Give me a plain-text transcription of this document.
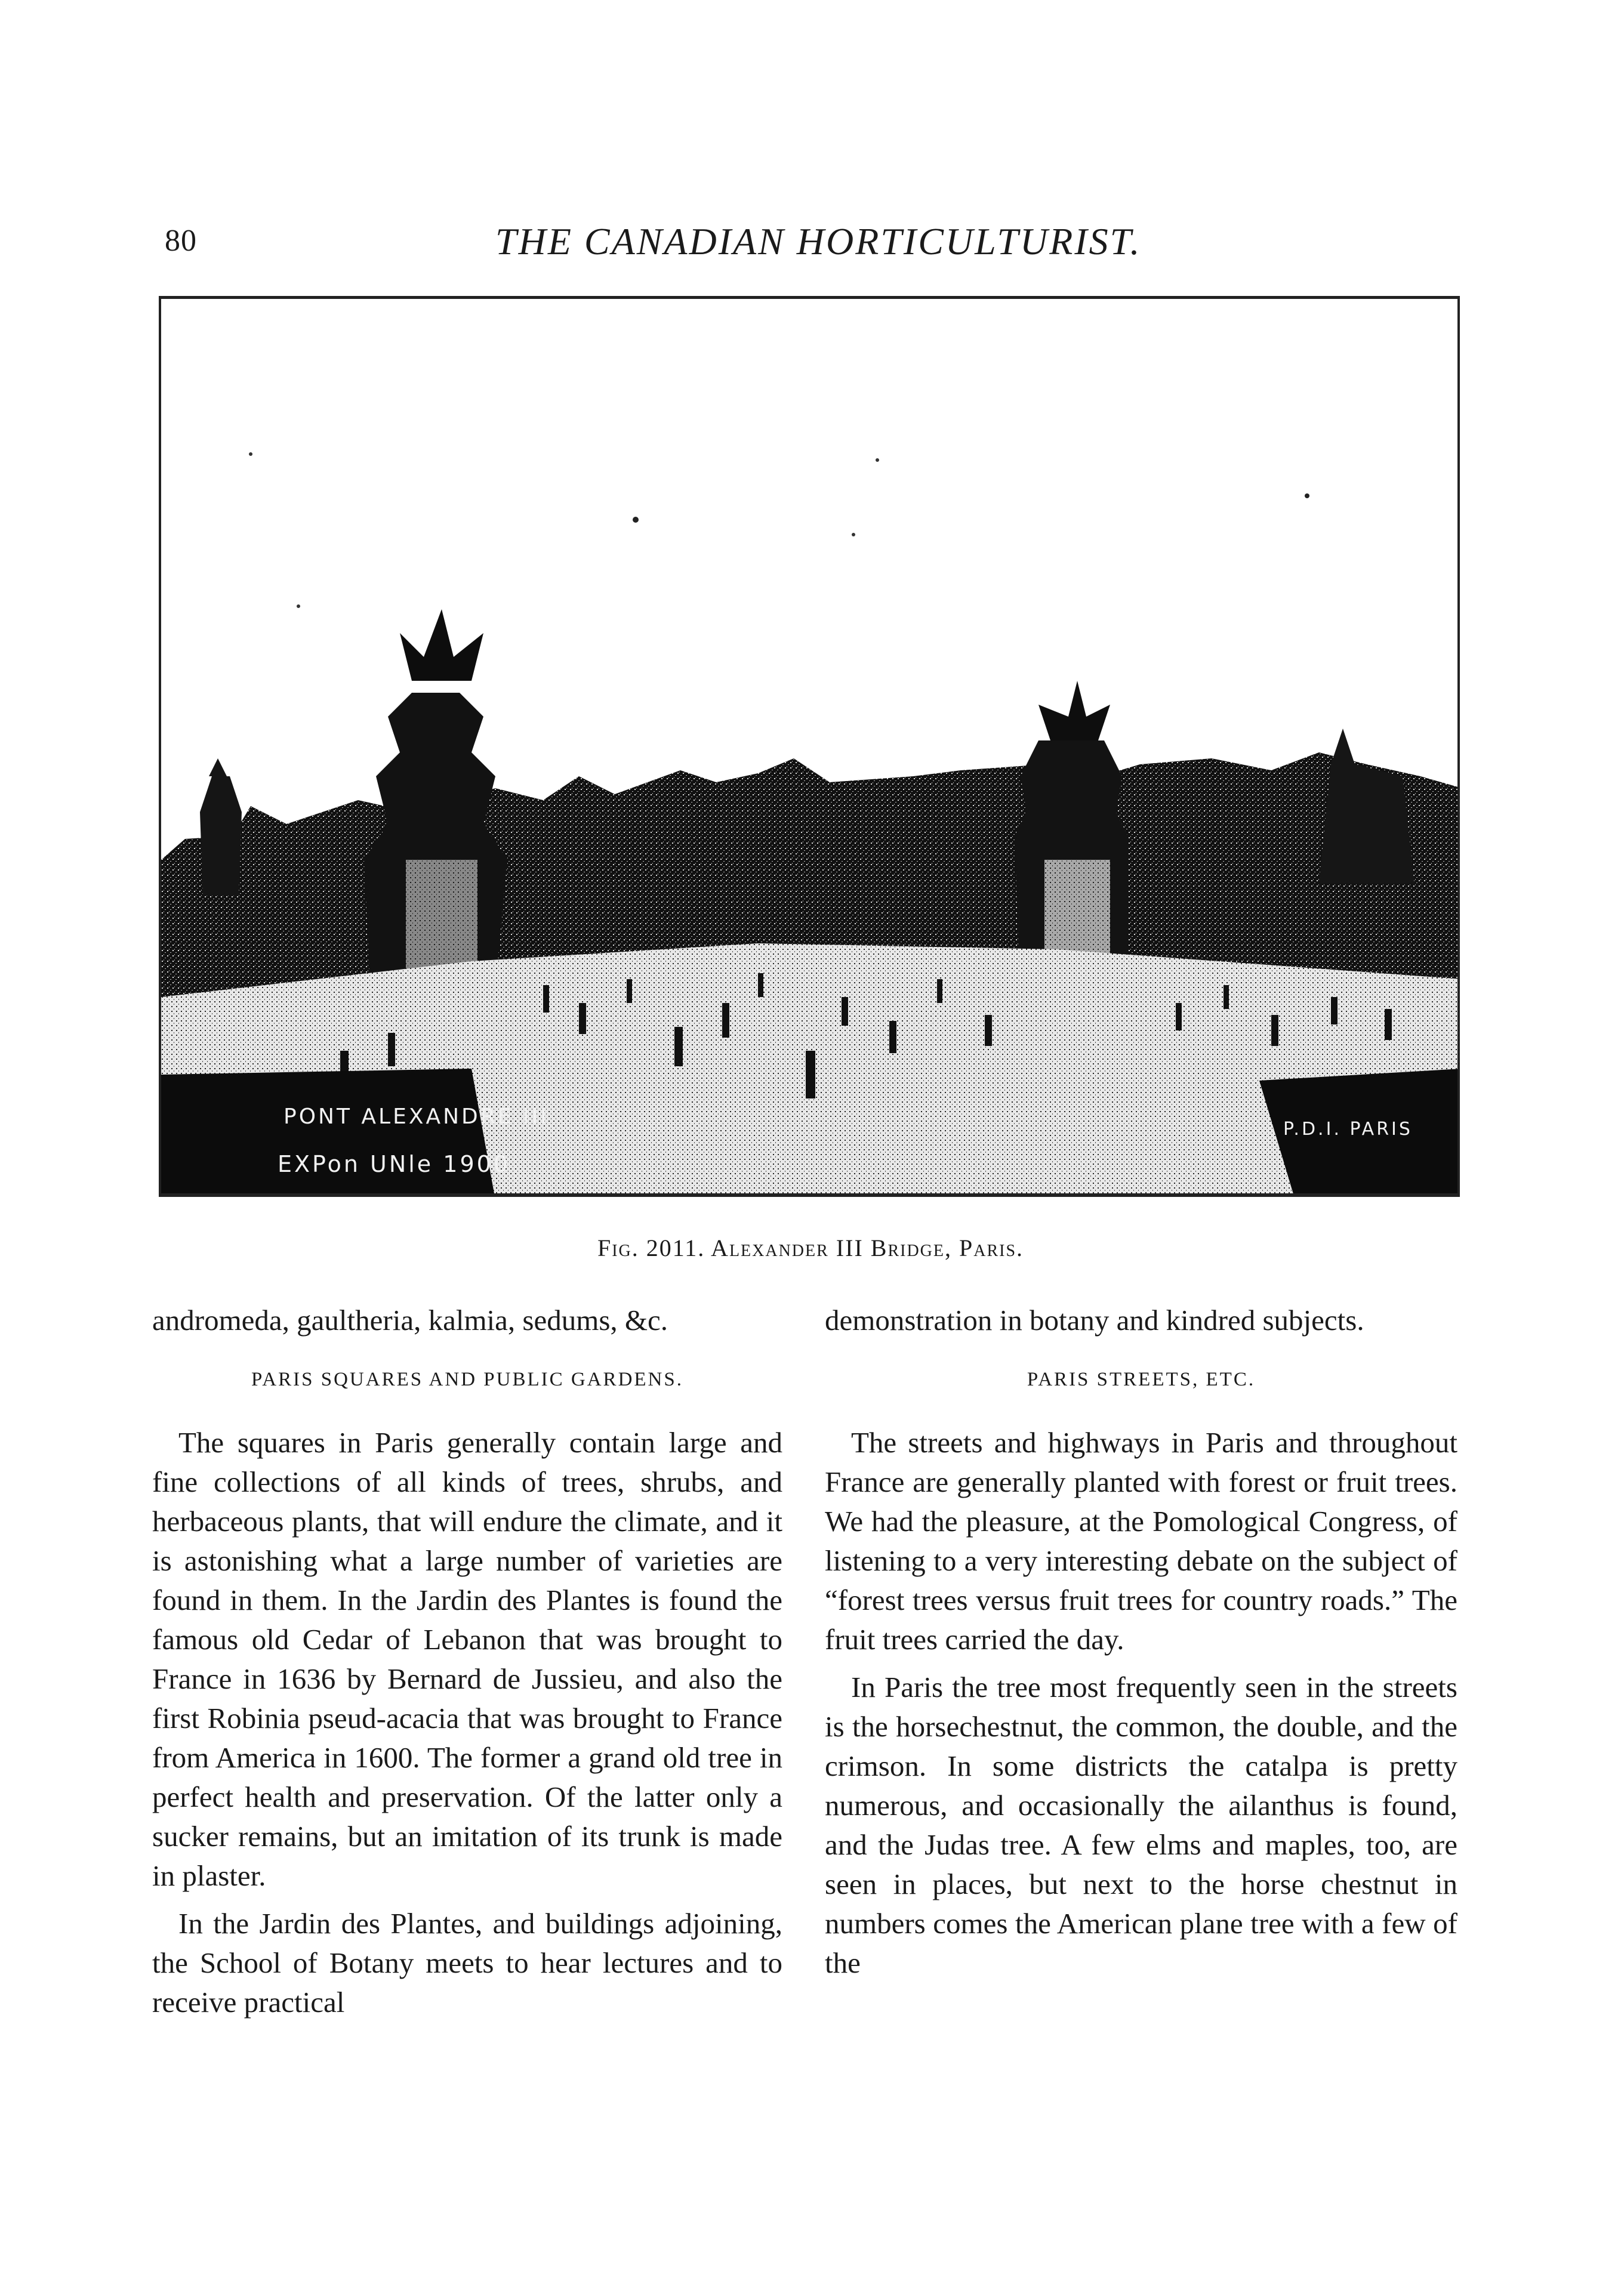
80	THE CANADIAN HORTICULTURIST.
PONT ALEXANDRE III
EXPon UNle 1900
P.D.I. PARIS
Fig. 2011. Alexander III Bridge, Paris.

andromeda, gaultheria, kalmia, sedums, &c.

PARIS SQUARES AND PUBLIC GARDENS.

The squares in Paris generally contain large and fine collections of all kinds of trees, shrubs, and herbaceous plants, that will endure the climate, and it is astonishing what a large number of varieties are found in them. In the Jardin des Plantes is found the famous old Cedar of Lebanon that was brought to France in 1636 by Bernard de Jussieu, and also the first Robinia pseud-acacia that was brought to France from America in 1600. The former a grand old tree in perfect health and preservation. Of the latter only a sucker remains, but an imitation of its trunk is made in plaster.

In the Jardin des Plantes, and buildings adjoining, the School of Botany meets to hear lectures and to receive practical

demonstration in botany and kindred subjects.

PARIS STREETS, ETC.

The streets and highways in Paris and throughout France are generally planted with forest or fruit trees. We had the pleasure, at the Pomological Congress, of listening to a very interesting debate on the subject of “forest trees versus fruit trees for country roads.” The fruit trees carried the day.

In Paris the tree most frequently seen in the streets is the horsechestnut, the common, the double, and the crimson. In some districts the catalpa is pretty numerous, and occasionally the ailanthus is found, and the Judas tree. A few elms and maples, too, are seen in places, but next to the horse chestnut in numbers comes the American plane tree with a few of the
